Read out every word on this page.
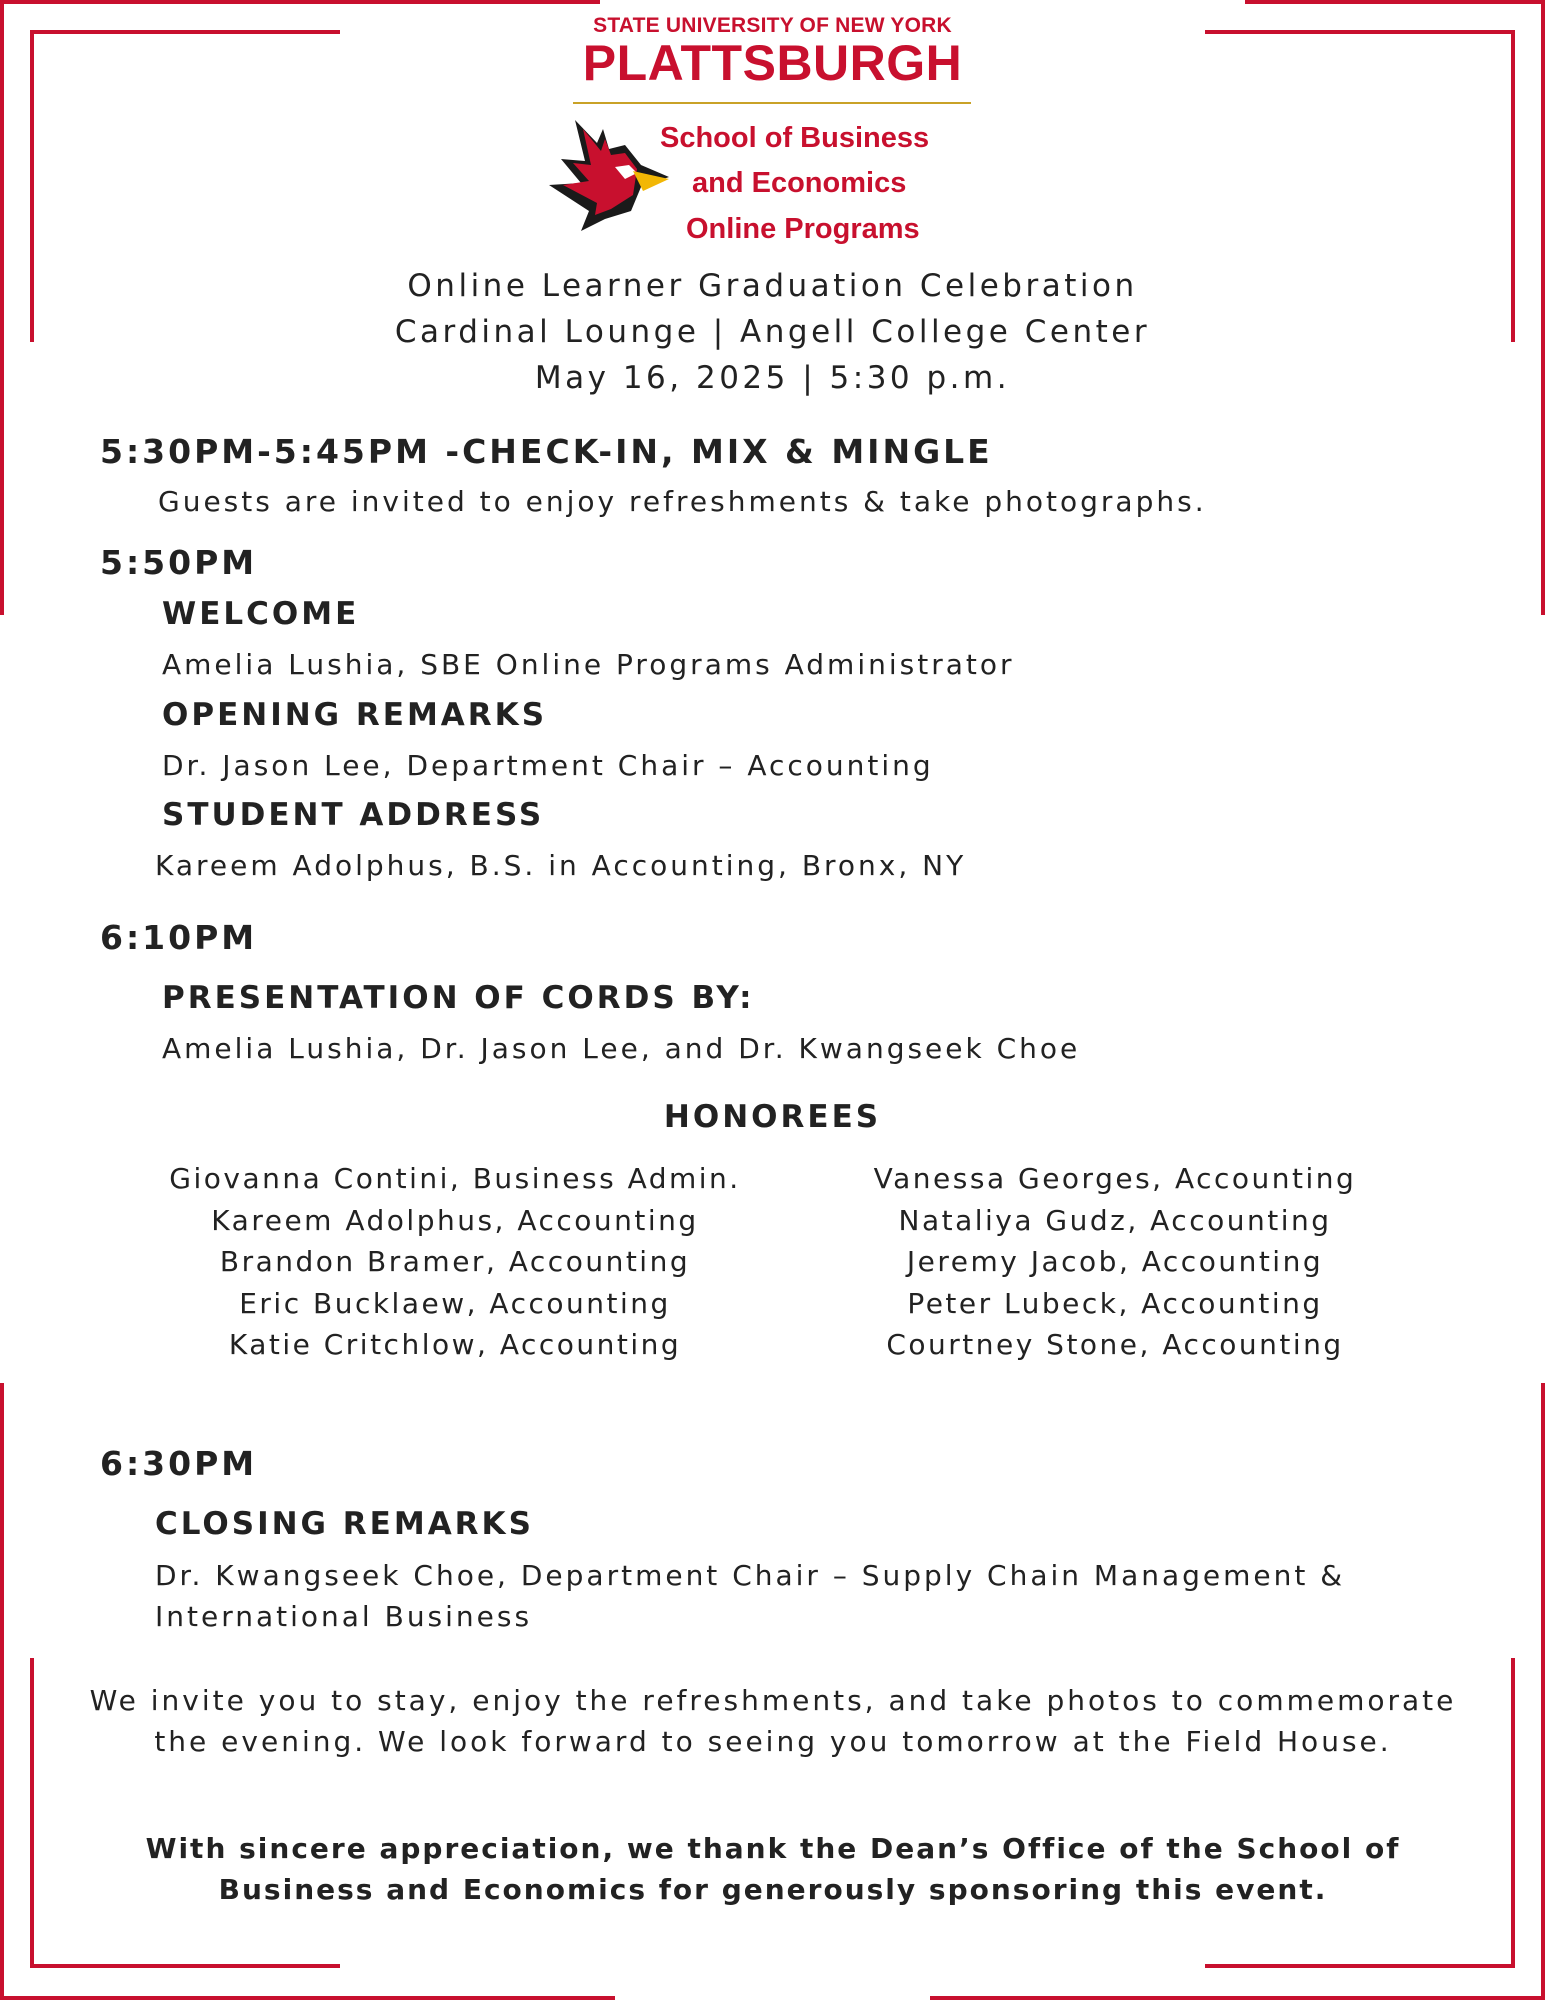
STATE UNIVERSITY OF NEW YORK
PLATTSBURGH
School of Business
and Economics
Online Programs
Online Learner Graduation Celebration
Cardinal Lounge | Angell College Center
May 16, 2025 | 5:30 p.m.
5:30PM-5:45PM -CHECK-IN, MIX & MINGLE
Guests are invited to enjoy refreshments & take photographs.
5:50PM
WELCOME
Amelia Lushia, SBE Online Programs Administrator
OPENING REMARKS
Dr. Jason Lee, Department Chair – Accounting
STUDENT ADDRESS
Kareem Adolphus, B.S. in Accounting, Bronx, NY
6:10PM
PRESENTATION OF CORDS BY:
Amelia Lushia, Dr. Jason Lee, and Dr. Kwangseek Choe
HONOREES
Giovanna Contini, Business Admin.
Kareem Adolphus, Accounting
Brandon Bramer, Accounting
Eric Bucklaew, Accounting
Katie Critchlow, Accounting
Vanessa Georges, Accounting
Nataliya Gudz, Accounting
Jeremy Jacob, Accounting
Peter Lubeck, Accounting
Courtney Stone, Accounting
6:30PM
CLOSING REMARKS
Dr. Kwangseek Choe, Department Chair – Supply Chain Management &
International Business
We invite you to stay, enjoy the refreshments, and take photos to commemorate the evening. We look forward to seeing you tomorrow at the Field House.
With sincere appreciation, we thank the Dean’s Office of the School of Business and Economics for generously sponsoring this event.
